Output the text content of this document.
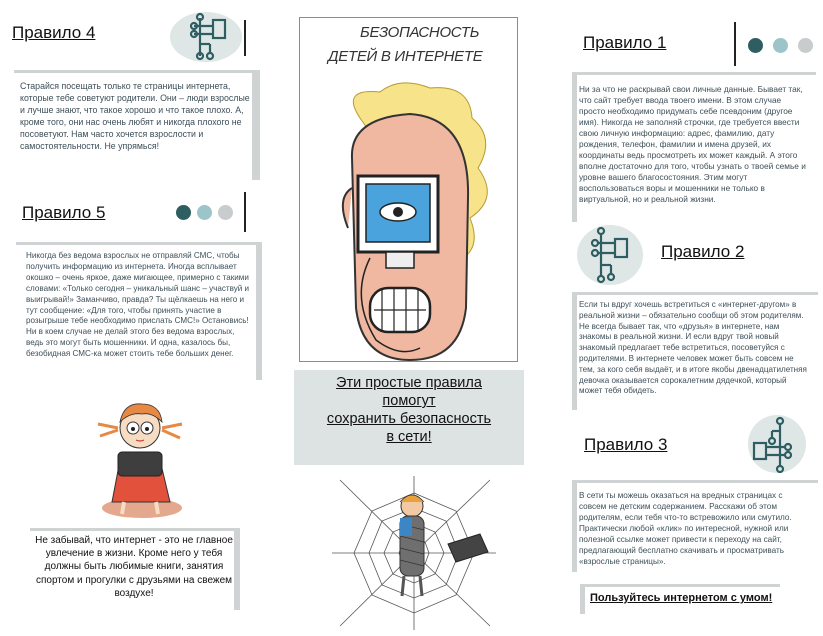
Правило 4
Старайся посещать только те страницы интернета, которые тебе советуют родители. Они – люди взрослые и лучше знают, что такое хорошо и что такое плохо. А, кроме того, они нас очень любят и никогда плохого не посоветуют. Нам часто хочется взрослости и самостоятельности. Не упрямься!
Правило 5
Никогда без ведома взрослых не отправляй СМС, чтобы получить информацию из интернета. Иногда всплывает окошко – очень яркое, даже мигающее, примерно с такими словами: «Только сегодня – уникальный шанс – участвуй и выигрывай!» Заманчиво, правда? Ты щёлкаешь на него и тут сообщение: «Для того, чтобы принять участие в розыгрыше тебе необходимо прислать СМС!» Остановись! Ни в коем случае не делай этого без ведома взрослых, ведь это могут быть мошенники. И одна, казалось бы, безобидная СМС-ка может стоить тебе больших денег.
Не забывай, что интернет - это не главное увлечение в жизни. Кроме него у тебя должны быть любимые книги, занятия спортом и прогулки с друзьями на свежем воздухе!
БЕЗОПАСНОСТЬ
ДЕТЕЙ В ИНТЕРНЕТЕ
Эти простые правила
помогут
сохранить безопасность
в сети!
Правило 1
Ни за что не раскрывай свои личные данные. Бывает так, что сайт требует ввода твоего имени. В этом случае просто необходимо придумать себе псевдоним (другое имя). Никогда не заполняй строчки, где требуется ввести свою личную информацию: адрес, фамилию, дату рождения, телефон, фамилии и имена друзей, их координаты ведь просмотреть их может каждый. А этого вполне достаточно для того, чтобы узнать о твоей семье и уровне вашего благосостояния. Этим могут воспользоваться воры и мошенники не только в виртуальной, но и реальной жизни.
Правило 2
Если ты вдруг хочешь встретиться с «интернет-другом» в реальной жизни – обязательно сообщи об этом родителям. Не всегда бывает так, что «друзья» в интернете, нам знакомы в реальной жизни. И если вдруг твой новый знакомый предлагает тебе встретиться, посоветуйся с родителями. В интернете человек может быть совсем не тем, за кого себя выдаёт, и в итоге якобы двенадцатилетняя девочка оказывается сорокалетним дядечкой, который может тебя обидеть.
Правило 3
В сети ты можешь оказаться на вредных страницах с совсем не детским содержанием. Расскажи об этом родителям, если тебя что-то встревожило или смутило. Практически любой «клик» по интересной, нужной или полезной ссылке может привести к переходу на сайт, предлагающий бесплатно скачивать и просматривать «взрослые страницы».
Пользуйтесь интернетом с умом!
